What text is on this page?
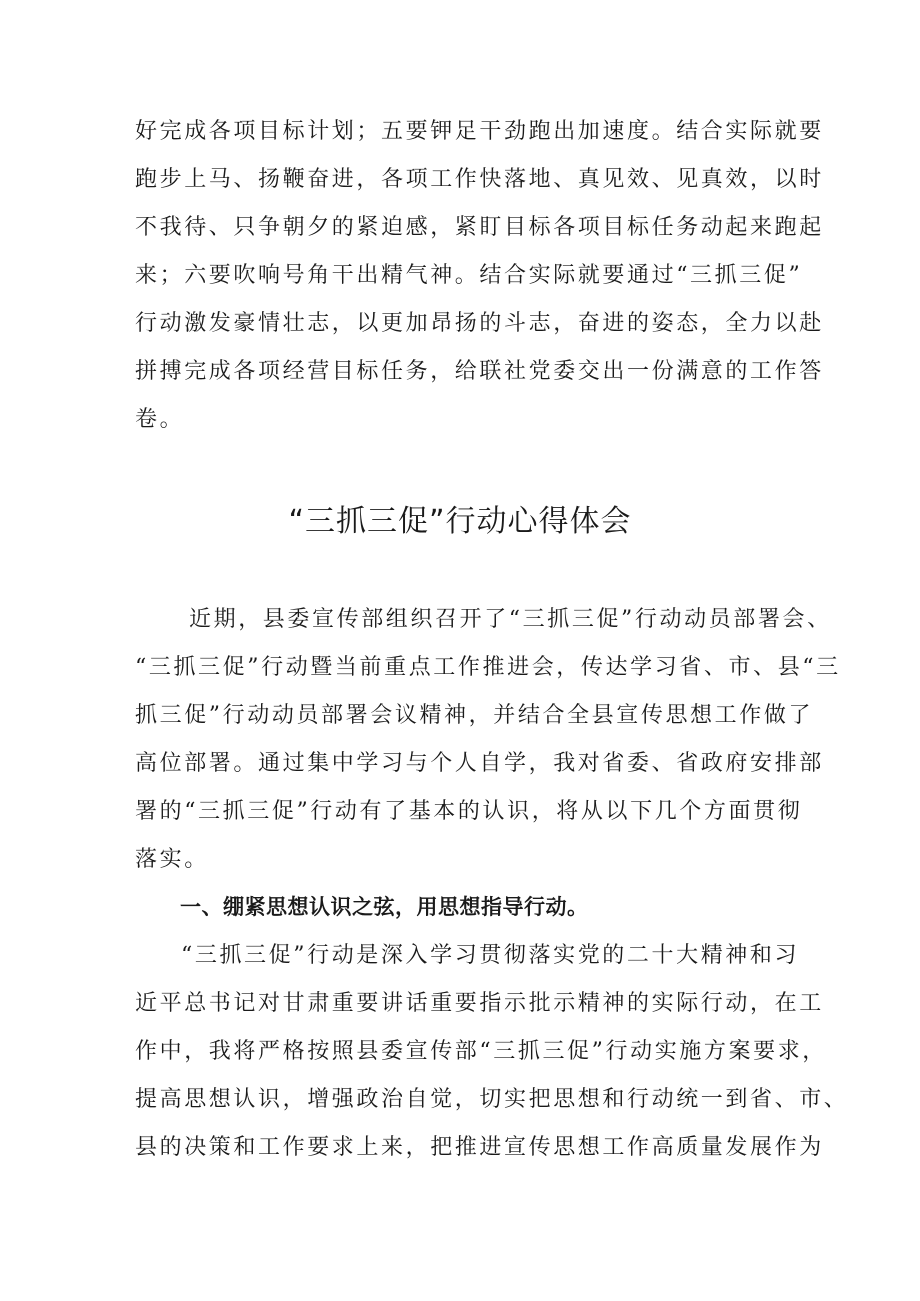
好完成各项目标计划；五要钾足干劲跑出加速度。结合实际就要
跑步上马、扬鞭奋进，各项工作快落地、真见效、见真效，以时
不我待、只争朝夕的紧迫感，紧盯目标各项目标任务动起来跑起
来；六要吹响号角干出精气神。结合实际就要通过“三抓三促”
行动激发豪情壮志，以更加昂扬的斗志，奋进的姿态，全力以赴
拼搏完成各项经营目标任务，给联社党委交出一份满意的工作答
卷。
“三抓三促”行动心得体会
近期，县委宣传部组织召开了“三抓三促”行动动员部署会、
“三抓三促”行动暨当前重点工作推进会，传达学习省、市、县“三
抓三促”行动动员部署会议精神，并结合全县宣传思想工作做了
高位部署。通过集中学习与个人自学，我对省委、省政府安排部
署的“三抓三促”行动有了基本的认识，将从以下几个方面贯彻
落实。
一、绷紧思想认识之弦，用思想指导行动。
“三抓三促”行动是深入学习贯彻落实党的二十大精神和习
近平总书记对甘肃重要讲话重要指示批示精神的实际行动，在工
作中，我将严格按照县委宣传部“三抓三促”行动实施方案要求，
提高思想认识，增强政治自觉，切实把思想和行动统一到省、市、
县的决策和工作要求上来，把推进宣传思想工作高质量发展作为
